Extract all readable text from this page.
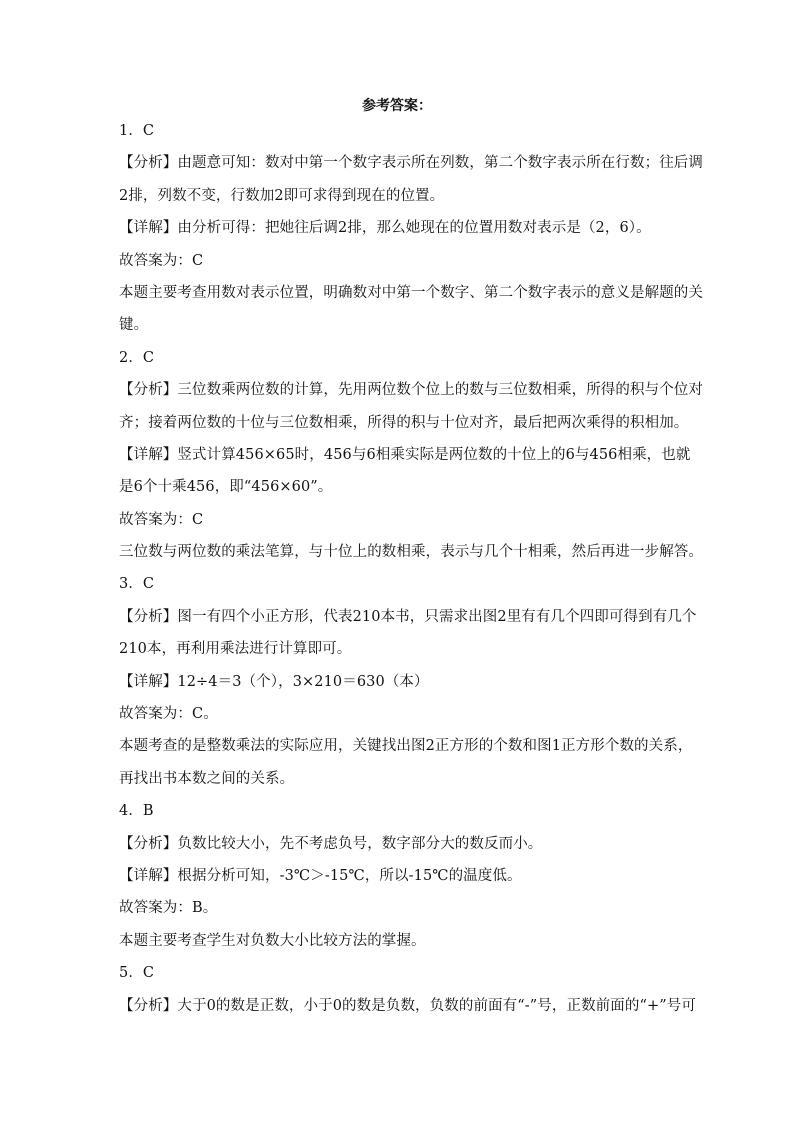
参考答案：
1．C
【分析】由题意可知：数对中第一个数字表示所在列数，第二个数字表示所在行数；往后调
2排，列数不变，行数加2即可求得到现在的位置。
【详解】由分析可得：把她往后调2排，那么她现在的位置用数对表示是（2，6）。
故答案为：C
本题主要考查用数对表示位置，明确数对中第一个数字、第二个数字表示的意义是解题的关
键。
2．C
【分析】三位数乘两位数的计算，先用两位数个位上的数与三位数相乘，所得的积与个位对
齐；接着两位数的十位与三位数相乘，所得的积与十位对齐，最后把两次乘得的积相加。
【详解】竖式计算456×65时，456与6相乘实际是两位数的十位上的6与456相乘，也就
是6个十乘456，即“456×60”。
故答案为：C
三位数与两位数的乘法笔算，与十位上的数相乘，表示与几个十相乘，然后再进一步解答。
3．C
【分析】图一有四个小正方形，代表210本书，只需求出图2里有有几个四即可得到有几个
210本，再利用乘法进行计算即可。
【详解】12÷4＝3（个），3×210＝630（本）
故答案为：C。
本题考查的是整数乘法的实际应用，关键找出图2正方形的个数和图1正方形个数的关系，
再找出书本数之间的关系。
4．B
【分析】负数比较大小，先不考虑负号，数字部分大的数反而小。
【详解】根据分析可知，-3℃＞-15℃，所以-15℃的温度低。
故答案为：B。
本题主要考查学生对负数大小比较方法的掌握。
5．C
【分析】大于0的数是正数，小于0的数是负数，负数的前面有“-”号，正数前面的“+”号可
